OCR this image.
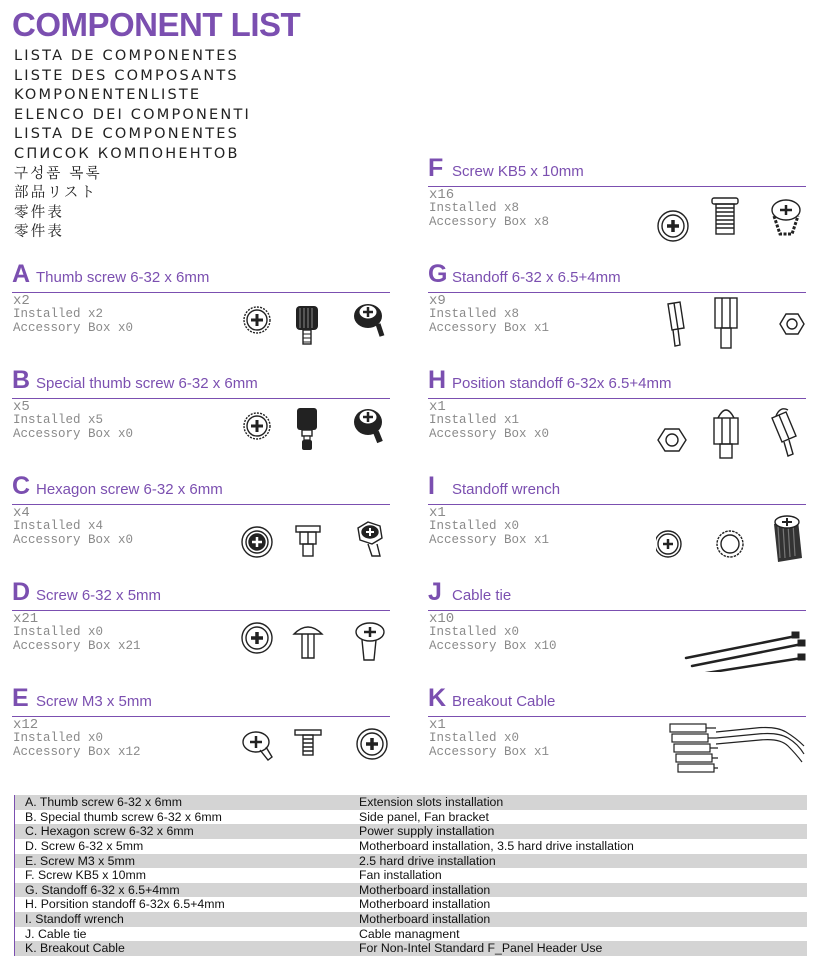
COMPONENT LIST
LISTA DE COMPONENTES
LISTE DES COMPOSANTS
KOMPONENTENLISTE
ELENCO DEI COMPONENTI
LISTA DE COMPONENTES
СПИСОК КОМПОНЕНТОВ
구성품 목록
部品リスト
零件表
零件表
A Thumb screw 6-32 x 6mm
x2
Installed x2
Accessory Box x0
B Special thumb screw 6-32 x 6mm
x5
Installed x5
Accessory Box x0
C Hexagon screw 6-32 x 6mm
x4
Installed x4
Accessory Box x0
D Screw 6-32 x 5mm
x21
Installed x0
Accessory Box x21
E Screw M3 x 5mm
x12
Installed x0
Accessory Box x12
F Screw KB5 x 10mm
x16
Installed x8
Accessory Box x8
G Standoff 6-32 x 6.5+4mm
x9
Installed x8
Accessory Box x1
H Position standoff 6-32x 6.5+4mm
x1
Installed x1
Accessory Box x0
I Standoff wrench
x1
Installed x0
Accessory Box x1
J Cable tie
x10
Installed x0
Accessory Box x10
K Breakout Cable
x1
Installed x0
Accessory Box x1
A. Thumb screw 6-32 x 6mm	Extension slots installation
B. Special thumb screw 6-32 x 6mm	Side panel, Fan bracket
C. Hexagon screw 6-32 x 6mm	Power supply installation
D. Screw 6-32 x 5mm	Motherboard installation, 3.5 hard drive installation
E. Screw M3 x 5mm	2.5 hard drive installation
F. Screw KB5 x 10mm	Fan installation
G. Standoff 6-32 x 6.5+4mm	Motherboard installation
H. Porsition standoff 6-32x 6.5+4mm	Motherboard installation
I. Standoff wrench	Motherboard installation
J. Cable tie	Cable managment
K. Breakout Cable	For Non-Intel Standard F_Panel Header Use
